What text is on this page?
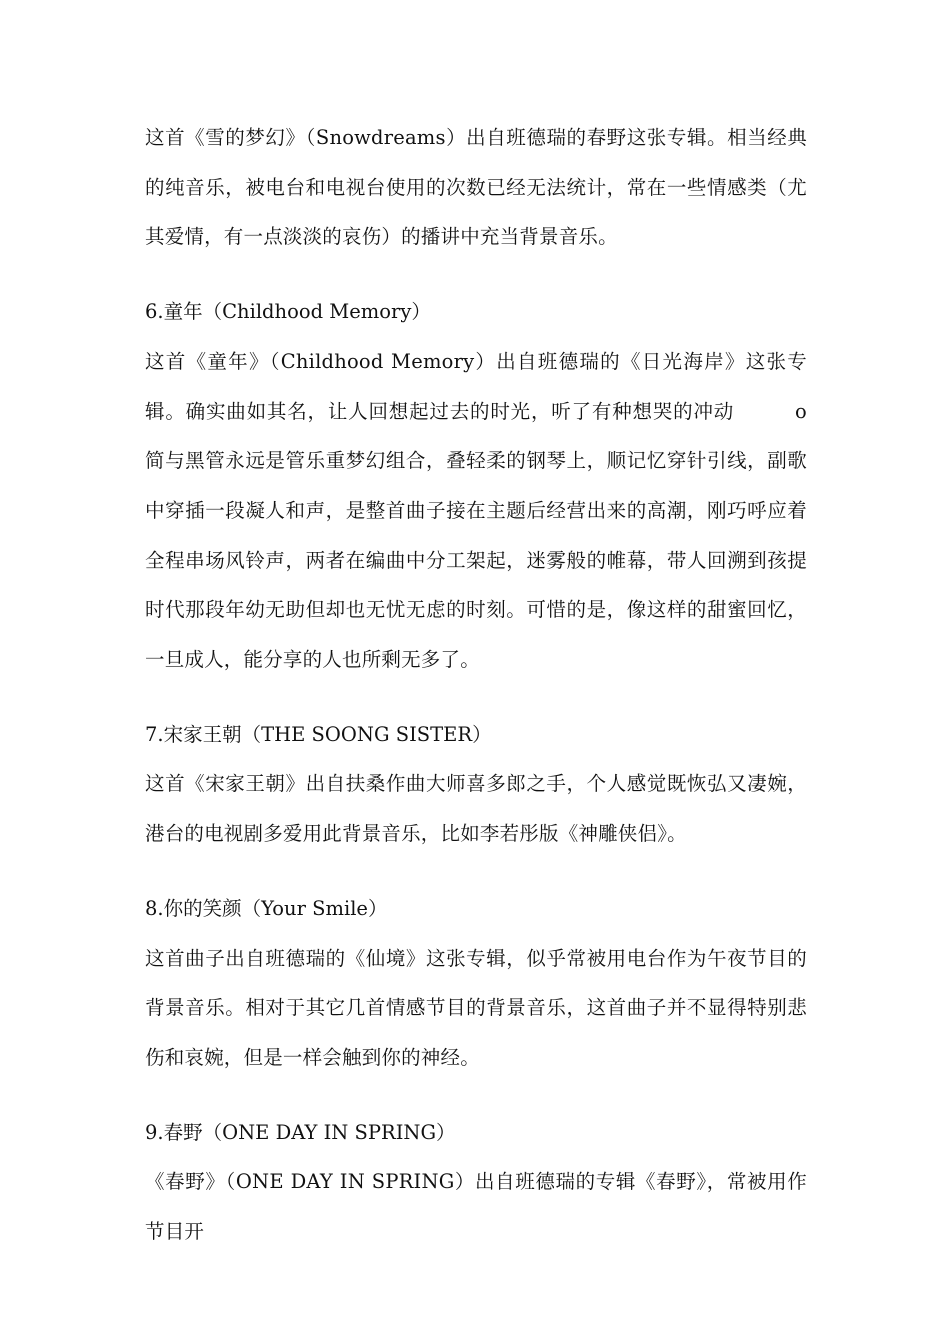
这首《雪的梦幻》（Snowdreams）出自班德瑞的春野这张专辑。相当经典的纯音乐，被电台和电视台使用的次数已经无法统计，常在一些情感类（尤其爱情，有一点淡淡的哀伤）的播讲中充当背景音乐。

6.童年（Childhood Memory）

这首《童年》（Childhood Memory）出自班德瑞的《日光海岸》这张专辑。确实曲如其名，让人回想起过去的时光，听了有种想哭的冲动　　　o简与黑管永远是管乐重梦幻组合，叠轻柔的钢琴上，顺记忆穿针引线，副歌中穿插一段凝人和声，是整首曲子接在主题后经营出来的高潮，刚巧呼应着全程串场风铃声，两者在编曲中分工架起，迷雾般的帷幕，带人回溯到孩提时代那段年幼无助但却也无忧无虑的时刻。可惜的是，像这样的甜蜜回忆，一旦成人，能分享的人也所剩无多了。

7.宋家王朝（THE SOONG SISTER）

这首《宋家王朝》出自扶桑作曲大师喜多郎之手，个人感觉既恢弘又凄婉，港台的电视剧多爱用此背景音乐，比如李若彤版《神雕侠侣》。

8.你的笑颜（Your Smile）

这首曲子出自班德瑞的《仙境》这张专辑，似乎常被用电台作为午夜节目的背景音乐。相对于其它几首情感节目的背景音乐，这首曲子并不显得特别悲伤和哀婉，但是一样会触到你的神经。

9.春野（ONE DAY IN SPRING）

《春野》（ONE DAY IN SPRING）出自班德瑞的专辑《春野》，常被用作节目开
